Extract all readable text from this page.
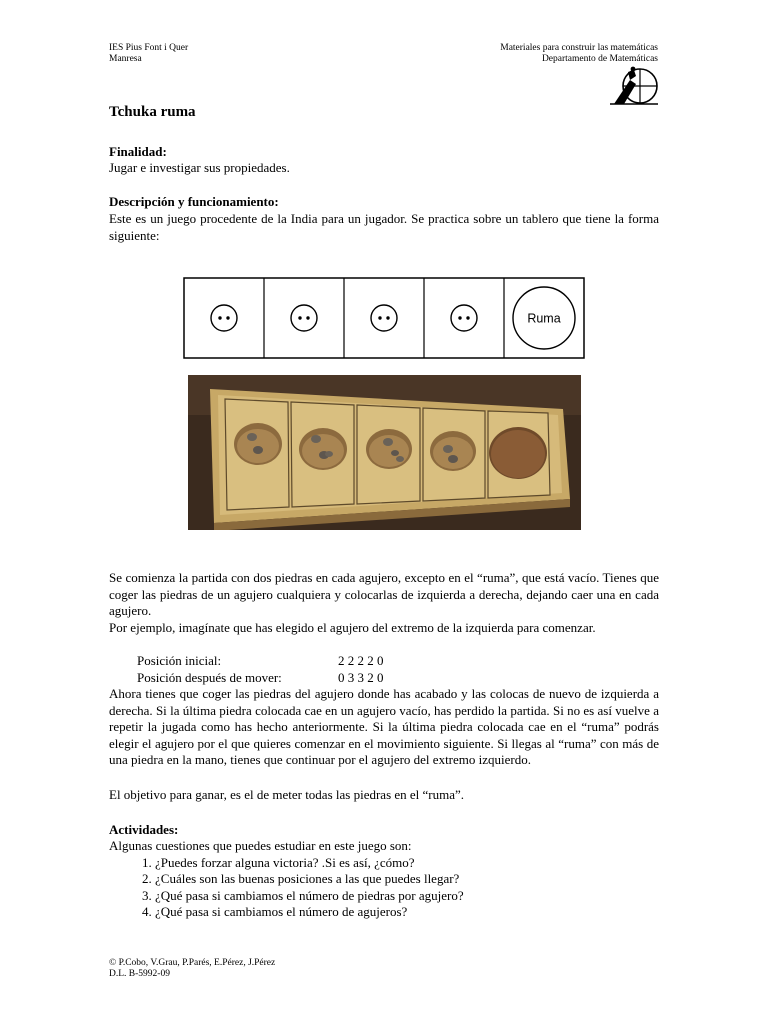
IES Pius Font i Quer
Manresa
Materiales para construir las matemáticas
Departamento de Matemáticas
Tchuka ruma
Finalidad:
Jugar e investigar sus propiedades.
Descripción y funcionamiento:
Este es un juego procedente de la India para un jugador. Se practica sobre un tablero que tiene la forma siguiente:
Ruma
Se comienza la partida con dos piedras en cada agujero, excepto en el “ruma”, que está vacío. Tienes que coger las piedras de un agujero cualquiera y colocarlas de izquierda a derecha, dejando caer una en cada agujero.
Por ejemplo, imagínate que has elegido el agujero del extremo de la izquierda para comenzar.
Posición inicial:	2 2 2 2 0
Posición después de mover:	0 3 3 2 0
Ahora tienes que coger las piedras del agujero donde has acabado y las colocas de nuevo de izquierda a derecha. Si la última piedra colocada cae en un agujero vacío, has perdido la partida. Si no es así vuelve a repetir la jugada como has hecho anteriormente. Si la última piedra colocada cae en el “ruma” podrás elegir el agujero por el que quieres comenzar en el movimiento siguiente. Si llegas al “ruma” con más de una piedra en la mano, tienes que continuar por el agujero del extremo izquierdo.
El objetivo para ganar, es el de meter todas las piedras en el “ruma”.
Actividades:
Algunas cuestiones que puedes estudiar en este juego son:
1. ¿Puedes forzar alguna victoria? .Si es así, ¿cómo?
2. ¿Cuáles son las buenas posiciones a las que puedes llegar?
3. ¿Qué pasa si cambiamos el número de piedras por agujero?
4. ¿Qué pasa si cambiamos el número de agujeros?
© P.Cobo, V.Grau, P.Parés, E.Pérez, J.Pérez
D.L. B-5992-09
